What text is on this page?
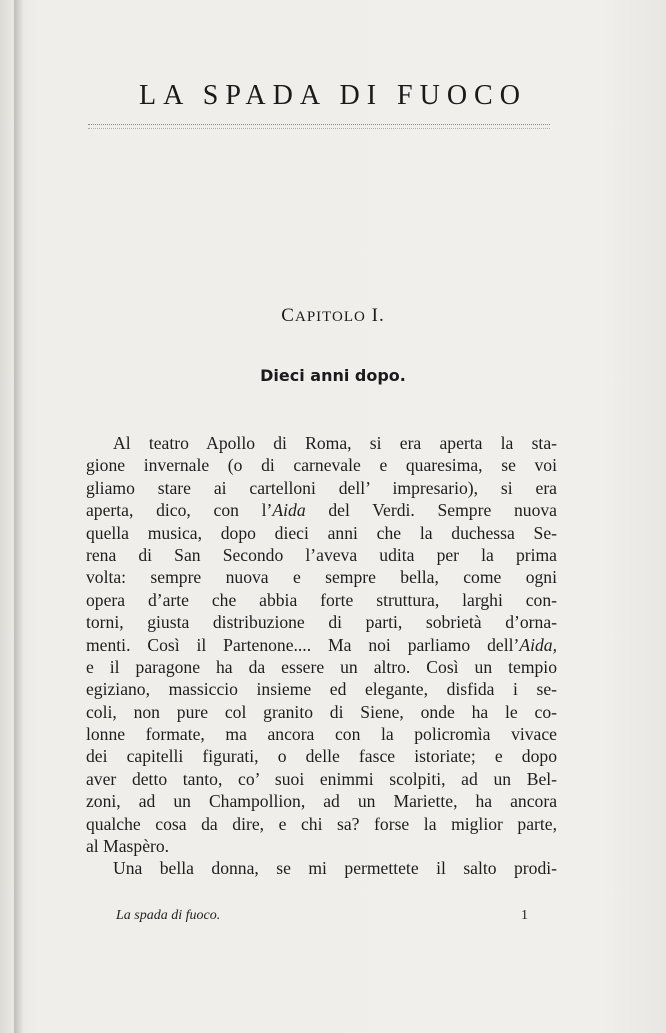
LA SPADA DI FUOCO
CAPITOLO I.
Dieci anni dopo.
Al teatro Apollo di Roma, si era aperta la sta-
gione invernale (o di carnevale e quaresima, se voi
gliamo stare ai cartelloni dell’ impresario), si era
aperta, dico, con l’Aida del Verdi. Sempre nuova
quella musica, dopo dieci anni che la duchessa Se-
rena di San Secondo l’aveva udita per la prima
volta: sempre nuova e sempre bella, come ogni
opera d’arte che abbia forte struttura, larghi con-
torni, giusta distribuzione di parti, sobrietà d’orna-
menti. Così il Partenone.... Ma noi parliamo dell’Aida,
e il paragone ha da essere un altro. Così un tempio
egiziano, massiccio insieme ed elegante, disfida i se-
coli, non pure col granito di Siene, onde ha le co-
lonne formate, ma ancora con la policromìa vivace
dei capitelli figurati, o delle fasce istoriate; e dopo
aver detto tanto, co’ suoi enimmi scolpiti, ad un Bel-
zoni, ad un Champollion, ad un Mariette, ha ancora
qualche cosa da dire, e chi sa? forse la miglior parte,
al Maspèro.
Una bella donna, se mi permettete il salto prodi-
La spada di fuoco.	1
